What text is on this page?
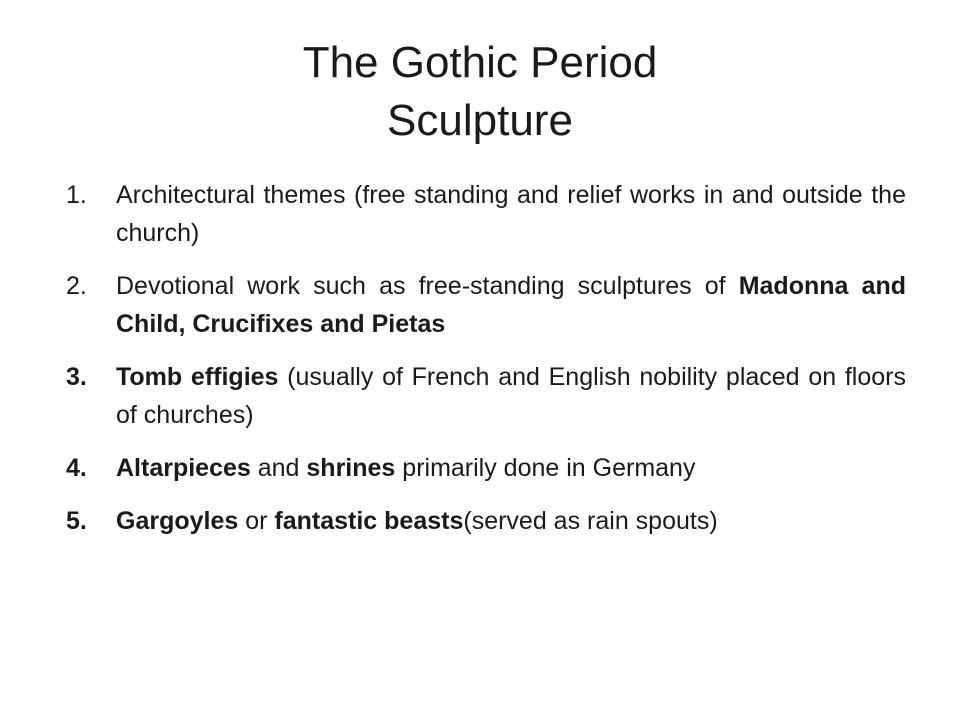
The Gothic Period
Sculpture
1. Architectural themes (free standing and relief works in and outside the church)
2. Devotional work such as free-standing sculptures of Madonna and Child, Crucifixes and Pietas
3. Tomb effigies (usually of French and English nobility placed on floors of churches)
4. Altarpieces and shrines primarily done in Germany
5. Gargoyles or fantastic beasts(served as rain spouts)
